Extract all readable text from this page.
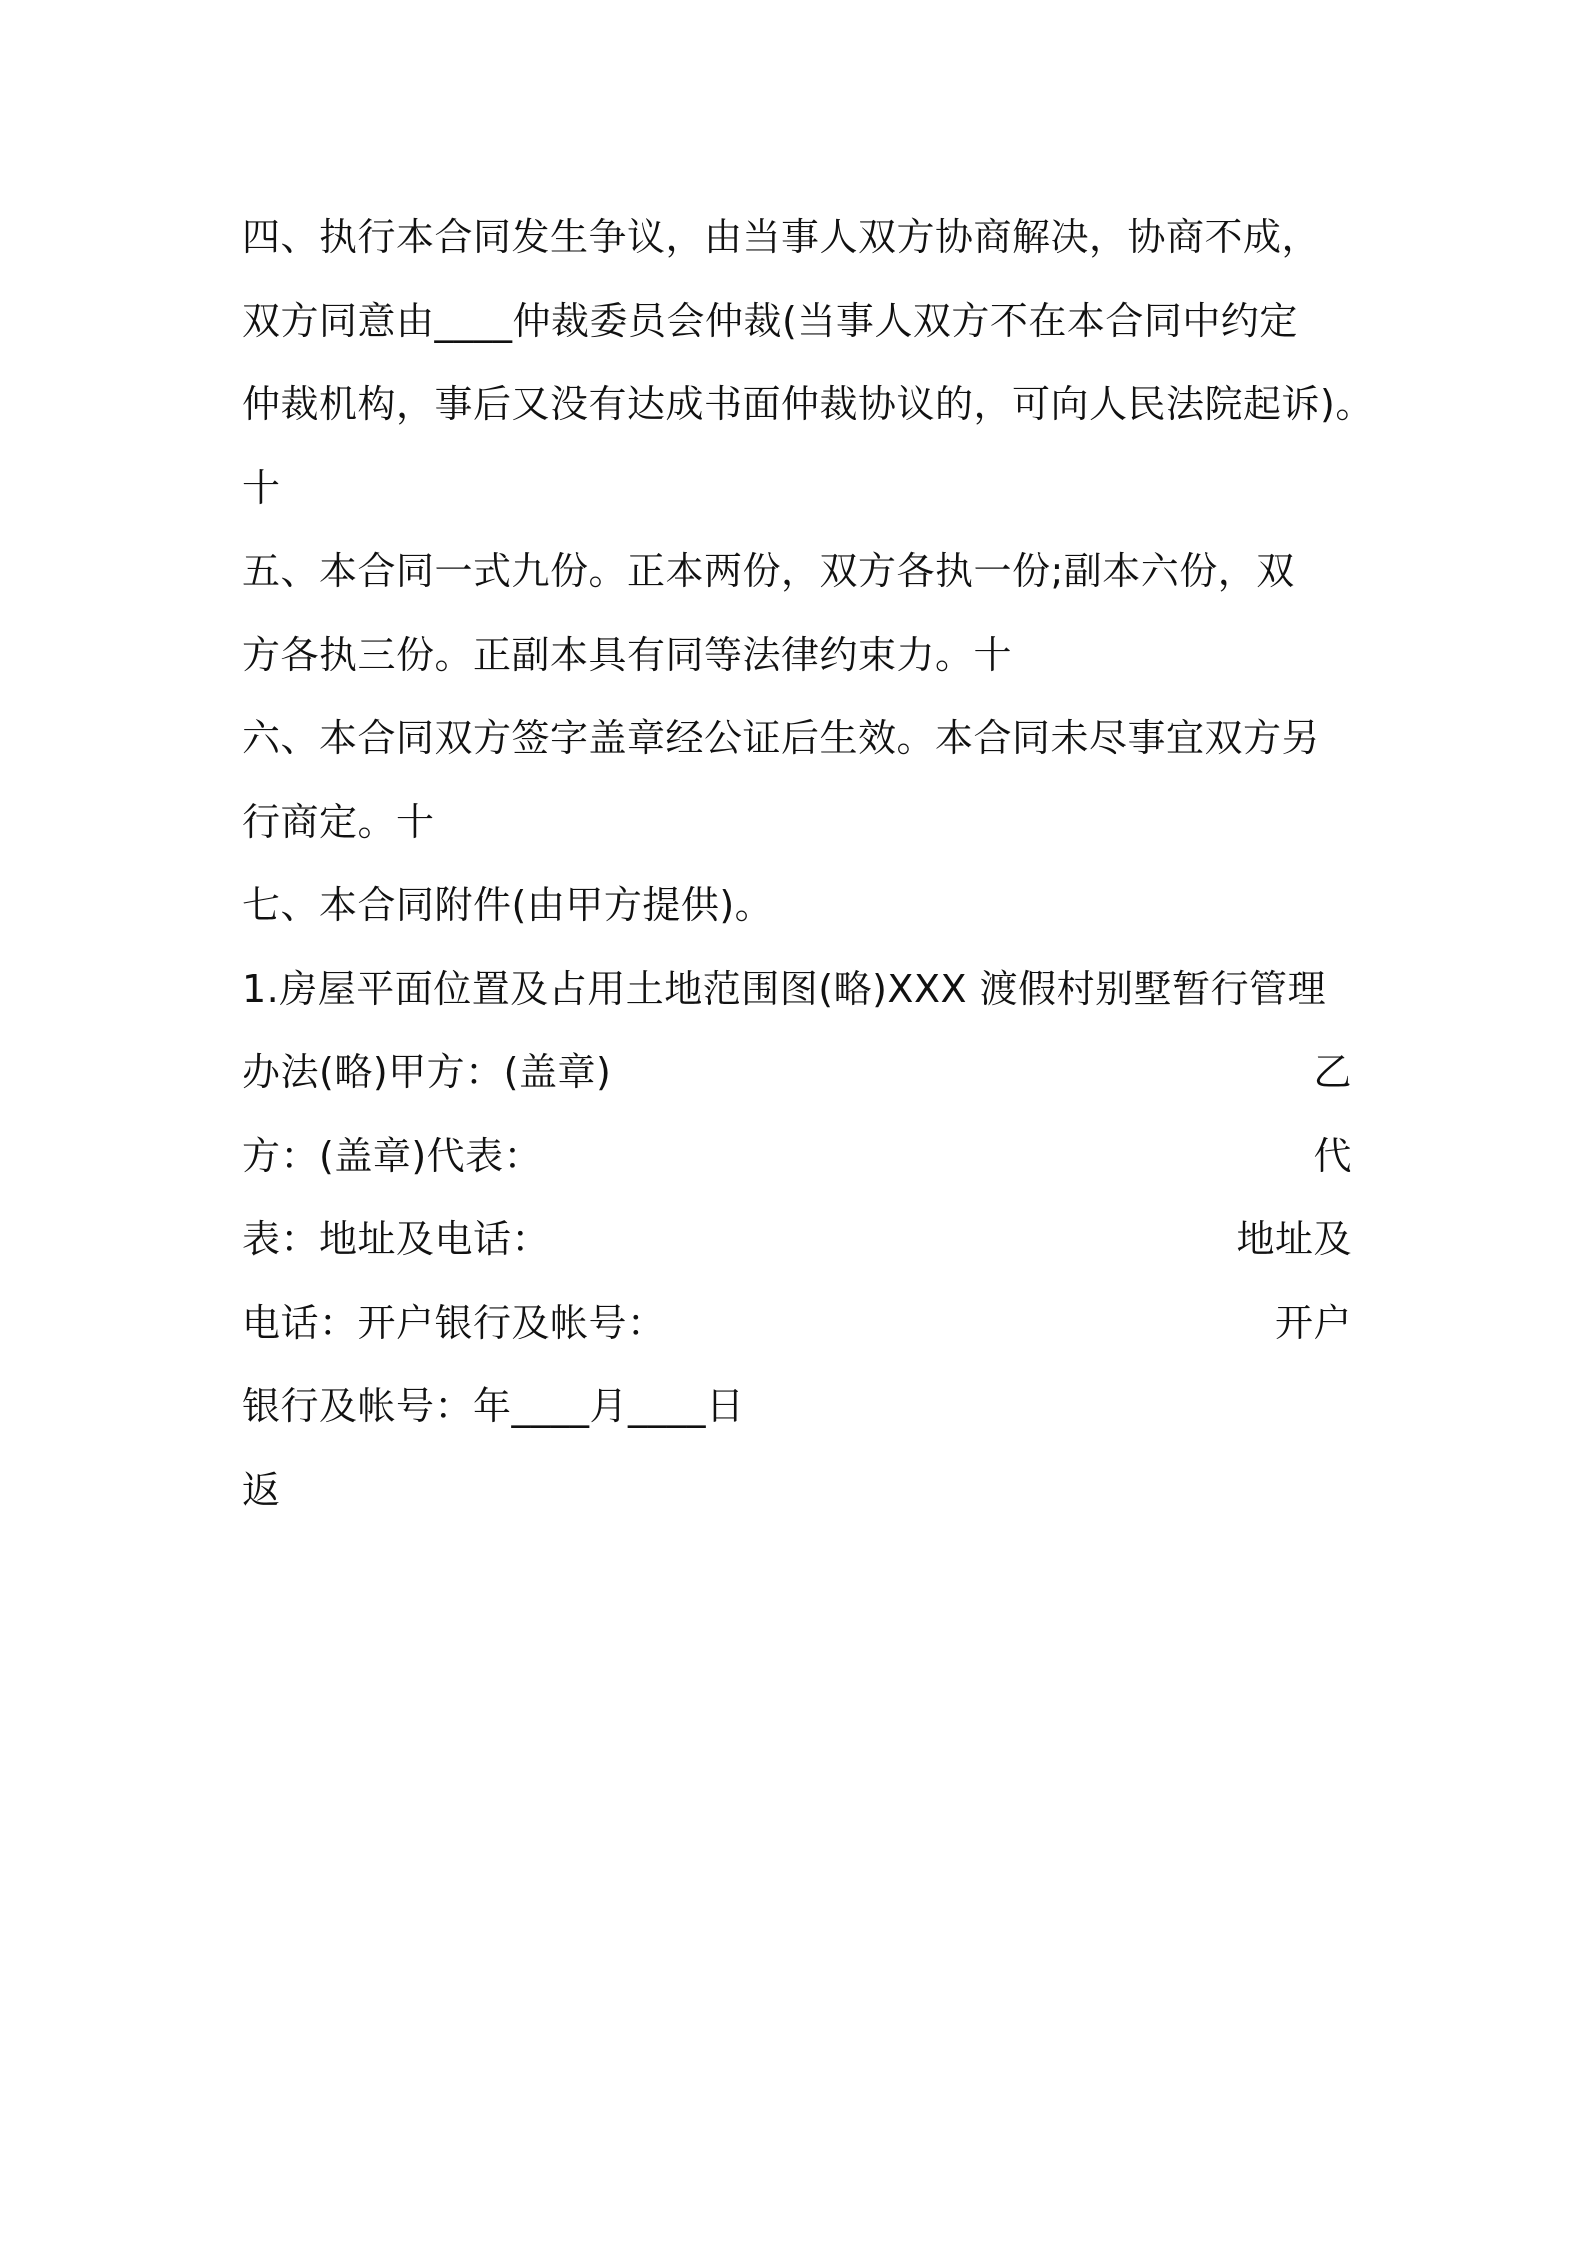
四、执行本合同发生争议，由当事人双方协商解决，协商不成，
双方同意由____仲裁委员会仲裁(当事人双方不在本合同中约定
仲裁机构，事后又没有达成书面仲裁协议的，可向人民法院起诉)。
十
五、本合同一式九份。正本两份，双方各执一份;副本六份，双
方各执三份。正副本具有同等法律约束力。十
六、本合同双方签字盖章经公证后生效。本合同未尽事宜双方另
行商定。十
七、本合同附件(由甲方提供)。
1.房屋平面位置及占用土地范围图(略)XXX 渡假村别墅暂行管理
办法(略)甲方：(盖章)	乙
方：(盖章)代表：	代
表：地址及电话：	地址及
电话：开户银行及帐号：	开户
银行及帐号：年____月____日
返
